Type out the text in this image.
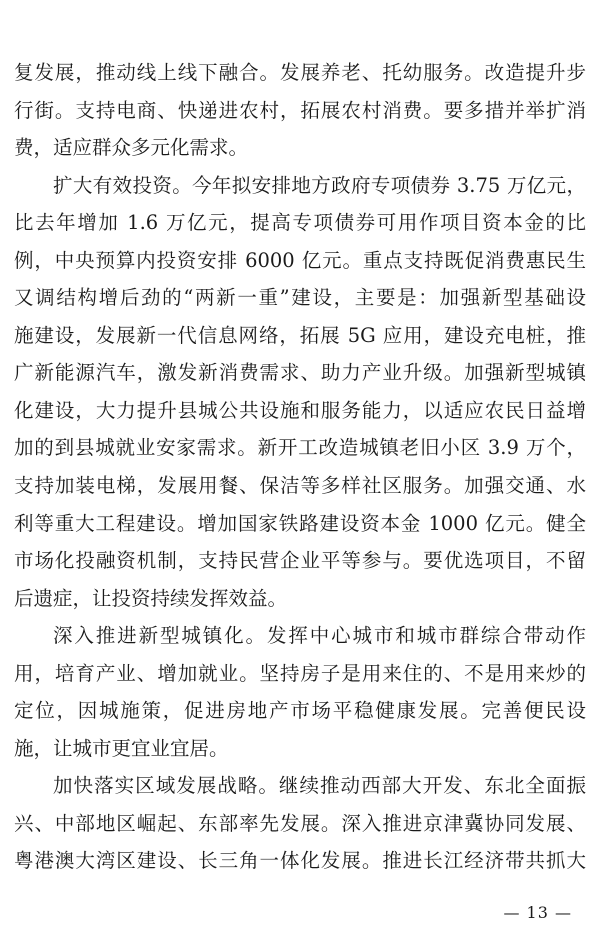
复发展，推动线上线下融合。发展养老、托幼服务。改造提升步
行街。支持电商、快递进农村，拓展农村消费。要多措并举扩消
费，适应群众多元化需求。
扩大有效投资。今年拟安排地方政府专项债券 3.75 万亿元，
比去年增加 1.6 万亿元，提高专项债券可用作项目资本金的比
例，中央预算内投资安排 6000 亿元。重点支持既促消费惠民生
又调结构增后劲的“两新一重”建设，主要是：加强新型基础设
施建设，发展新一代信息网络，拓展 5G 应用，建设充电桩，推
广新能源汽车，激发新消费需求、助力产业升级。加强新型城镇
化建设，大力提升县城公共设施和服务能力，以适应农民日益增
加的到县城就业安家需求。新开工改造城镇老旧小区 3.9 万个，
支持加装电梯，发展用餐、保洁等多样社区服务。加强交通、水
利等重大工程建设。增加国家铁路建设资本金 1000 亿元。健全
市场化投融资机制，支持民营企业平等参与。要优选项目，不留
后遗症，让投资持续发挥效益。
深入推进新型城镇化。发挥中心城市和城市群综合带动作
用，培育产业、增加就业。坚持房子是用来住的、不是用来炒的
定位，因城施策，促进房地产市场平稳健康发展。完善便民设
施，让城市更宜业宜居。
加快落实区域发展战略。继续推动西部大开发、东北全面振
兴、中部地区崛起、东部率先发展。深入推进京津冀协同发展、
粤港澳大湾区建设、长三角一体化发展。推进长江经济带共抓大
— 13 —
